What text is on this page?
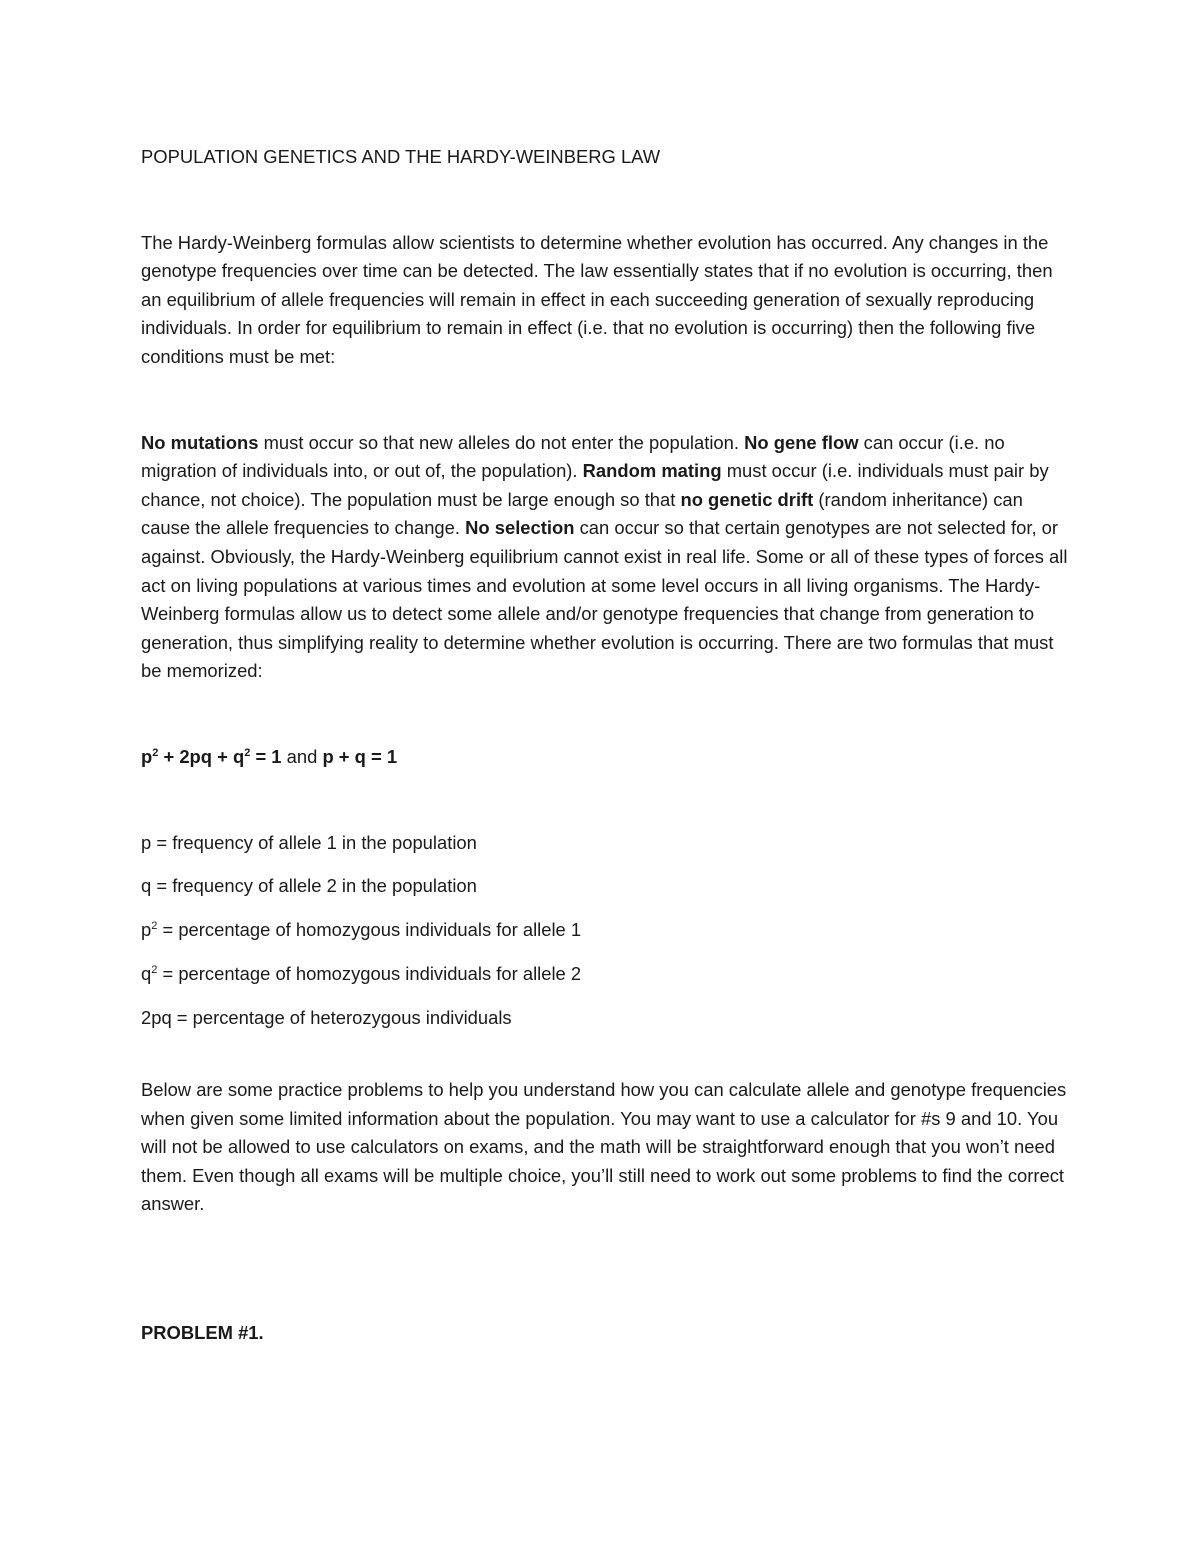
POPULATION GENETICS AND THE HARDY-WEINBERG LAW

The Hardy-Weinberg formulas allow scientists to determine whether evolution has occurred. Any changes in the genotype frequencies over time can be detected. The law essentially states that if no evolution is occurring, then an equilibrium of allele frequencies will remain in effect in each succeeding generation of sexually reproducing individuals. In order for equilibrium to remain in effect (i.e. that no evolution is occurring) then the following five conditions must be met:

No mutations must occur so that new alleles do not enter the population. No gene flow can occur (i.e. no migration of individuals into, or out of, the population). Random mating must occur (i.e. individuals must pair by chance, not choice). The population must be large enough so that no genetic drift (random inheritance) can cause the allele frequencies to change. No selection can occur so that certain genotypes are not selected for, or against. Obviously, the Hardy-Weinberg equilibrium cannot exist in real life. Some or all of these types of forces all act on living populations at various times and evolution at some level occurs in all living organisms. The Hardy-Weinberg formulas allow us to detect some allele and/or genotype frequencies that change from generation to generation, thus simplifying reality to determine whether evolution is occurring. There are two formulas that must be memorized:

$p^2 + 2pq + q^2 = 1$ and p + q = 1

p = frequency of allele 1 in the population

q = frequency of allele 2 in the population

$p^2$ = percentage of homozygous individuals for allele 1

$q^2$ = percentage of homozygous individuals for allele 2

2pq = percentage of heterozygous individuals

Below are some practice problems to help you understand how you can calculate allele and genotype frequencies when given some limited information about the population. You may want to use a calculator for #s 9 and 10. You will not be allowed to use calculators on exams, and the math will be straightforward enough that you won’t need them. Even though all exams will be multiple choice, you’ll still need to work out some problems to find the correct answer.

PROBLEM #1.
